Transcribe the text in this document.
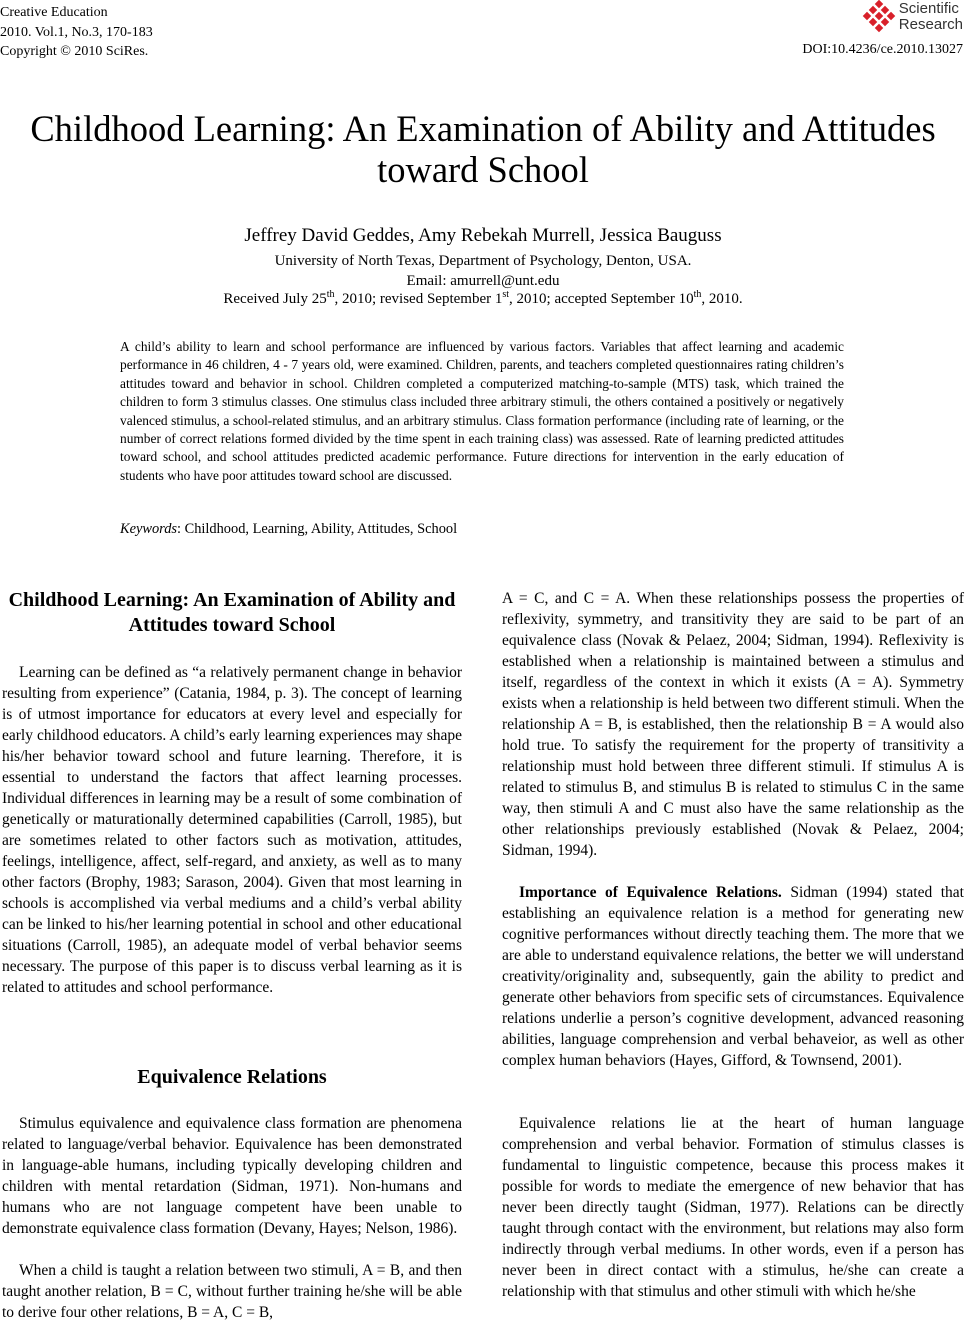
Creative Education
2010. Vol.1, No.3, 170-183
Copyright © 2010 SciRes.
Scientific
Research
DOI:10.4236/ce.2010.13027
Childhood Learning: An Examination of Ability and Attitudes
toward School
Jeffrey David Geddes, Amy Rebekah Murrell, Jessica Bauguss
University of North Texas, Department of Psychology, Denton, USA.
Email: amurrell@unt.edu
Received July 25th, 2010; revised September 1st, 2010; accepted September 10th, 2010.
A child’s ability to learn and school performance are influenced by various factors. Variables that affect learning and academic performance in 46 children, 4 - 7 years old, were examined. Children, parents, and teachers completed questionnaires rating children’s attitudes toward and behavior in school. Children completed a computerized matching-to-sample (MTS) task, which trained the children to form 3 stimulus classes. One stimulus class included three arbitrary stimuli, the others contained a positively or negatively valenced stimulus, a school-related stimulus, and an arbitrary stimulus. Class formation performance (including rate of learning, or the number of correct relations formed divided by the time spent in each training class) was assessed. Rate of learning predicted attitudes toward school, and school attitudes predicted academic performance. Future directions for intervention in the early education of students who have poor attitudes toward school are discussed.
Keywords: Childhood, Learning, Ability, Attitudes, School
Childhood Learning: An Examination of Ability and Attitudes toward School
Learning can be defined as “a relatively permanent change in behavior resulting from experience” (Catania, 1984, p. 3). The concept of learning is of utmost importance for educators at every level and especially for early childhood educators. A child’s early learning experiences may shape his/her behavior toward school and future learning. Therefore, it is essential to understand the factors that affect learning processes. Individual differences in learning may be a result of some combination of genetically or maturationally determined capabilities (Carroll, 1985), but are sometimes related to other factors such as motivation, attitudes, feelings, intelligence, affect, self-regard, and anxiety, as well as to many other factors (Brophy, 1983; Sarason, 2004). Given that most learning in schools is accomplished via verbal mediums and a child’s verbal ability can be linked to his/her learning potential in school and other educational situations (Carroll, 1985), an adequate model of verbal behavior seems necessary. The purpose of this paper is to discuss verbal learning as it is related to attitudes and school performance.
Equivalence Relations
Stimulus equivalence and equivalence class formation are phenomena related to language/verbal behavior. Equivalence has been demonstrated in language-able humans, including typically developing children and children with mental retardation (Sidman, 1971). Non-humans and humans who are not language competent have been unable to demonstrate equivalence class formation (Devany, Hayes; Nelson, 1986).
When a child is taught a relation between two stimuli, A = B, and then taught another relation, B = C, without further training he/she will be able to derive four other relations, B = A, C = B,
A = C, and C = A. When these relationships possess the properties of reflexivity, symmetry, and transitivity they are said to be part of an equivalence class (Novak & Pelaez, 2004; Sidman, 1994). Reflexivity is established when a relationship is maintained between a stimulus and itself, regardless of the context in which it exists (A = A). Symmetry exists when a relationship is held between two different stimuli. When the relationship A = B, is established, then the relationship B = A would also hold true. To satisfy the requirement for the property of transitivity a relationship must hold between three different stimuli. If stimulus A is related to stimulus B, and stimulus B is related to stimulus C in the same way, then stimuli A and C must also have the same relationship as the other relationships previously established (Novak & Pelaez, 2004; Sidman, 1994).
Importance of Equivalence Relations. Sidman (1994) stated that establishing an equivalence relation is a method for generating new cognitive performances without directly teaching them. The more that we are able to understand equivalence relations, the better we will understand creativity/originality and, subsequently, gain the ability to predict and generate other behaviors from specific sets of circumstances. Equivalence relations underlie a person’s cognitive development, advanced reasoning abilities, language comprehension and verbal behaveior, as well as other complex human behaviors (Hayes, Gifford, & Townsend, 2001).
Equivalence relations lie at the heart of human language comprehension and verbal behavior. Formation of stimulus classes is fundamental to linguistic competence, because this process makes it possible for words to mediate the emergence of new behavior that has never been directly taught (Sidman, 1977). Relations can be directly taught through contact with the environment, but relations may also form indirectly through verbal mediums. In other words, even if a person has never been in direct contact with a stimulus, he/she can create a relationship with that stimulus and other stimuli with which he/she
